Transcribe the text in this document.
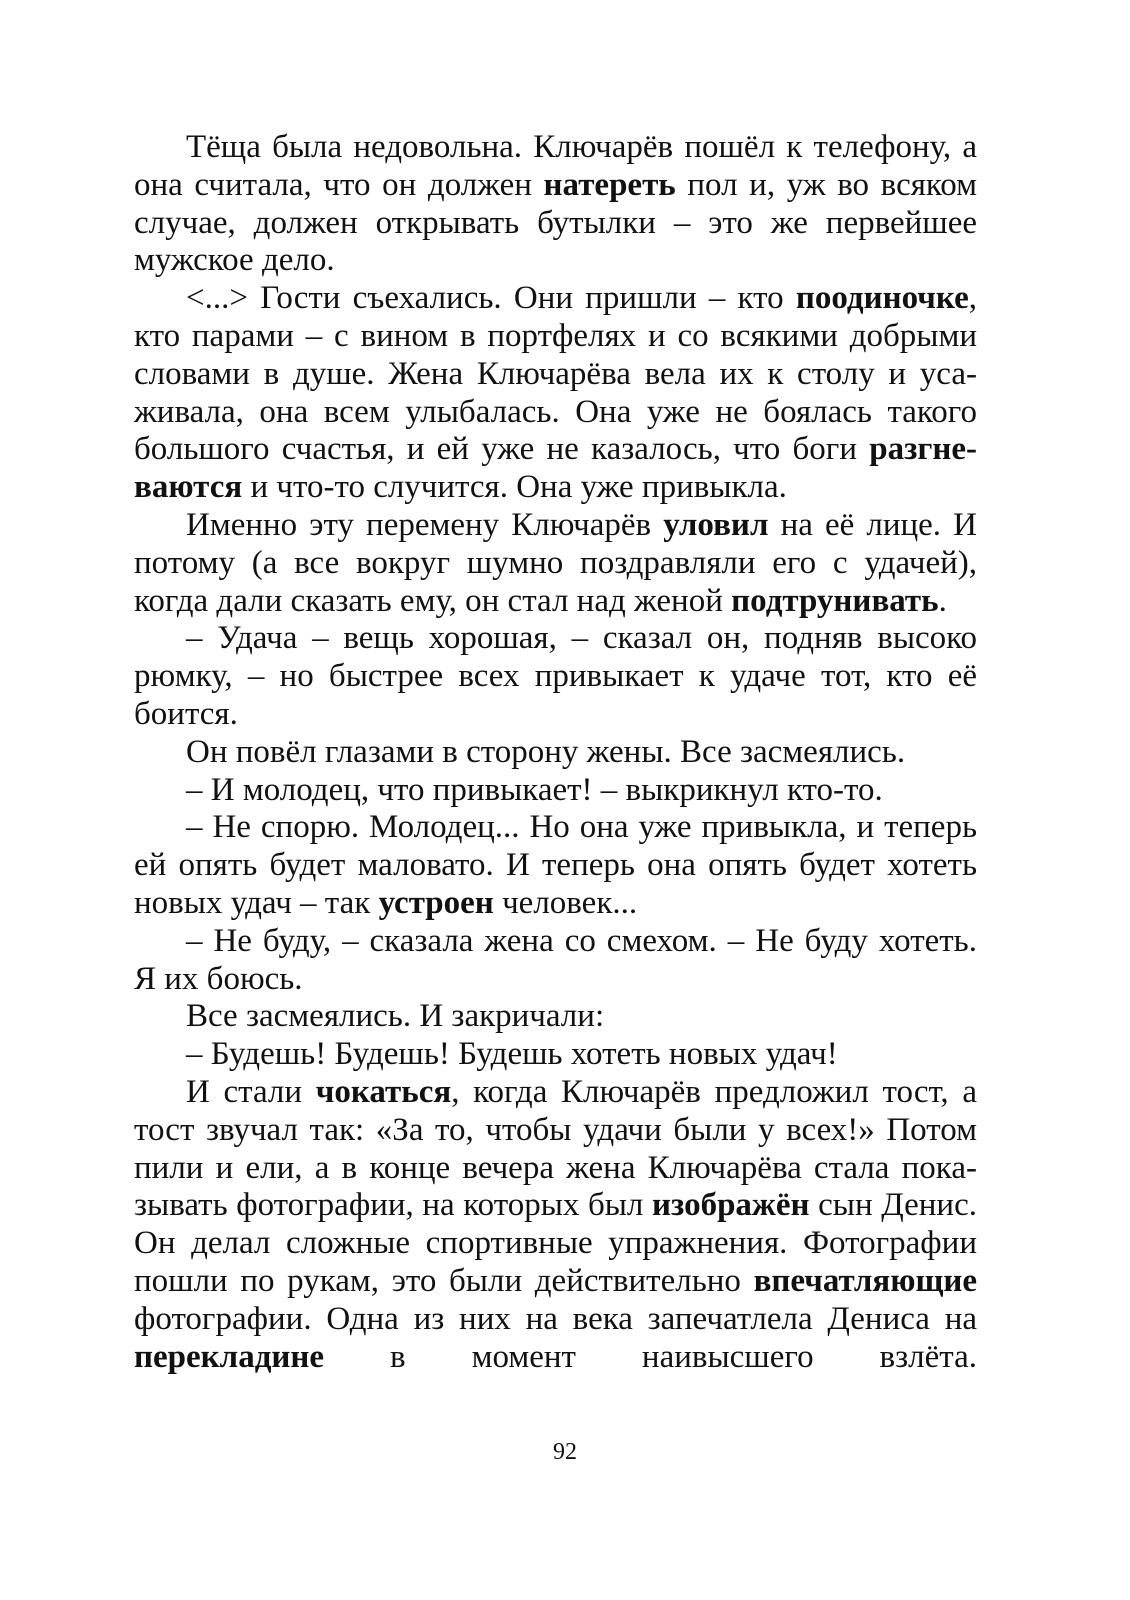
Тёща была недовольна. Ключарёв пошёл к телефону, а она считала, что он должен натереть пол и, уж во всяком случае, должен открывать бутылки – это же первейшее мужское дело.

<...> Гости съехались. Они пришли – кто поодиночке, кто парами – с вином в портфелях и со всякими добрыми словами в душе. Жена Ключарёва вела их к столу и усаживала, она всем улыбалась. Она уже не боялась такого большого счастья, и ей уже не казалось, что боги разгневаются и что-то случится. Она уже привыкла.

Именно эту перемену Ключарёв уловил на её лице. И потому (а все вокруг шумно поздравляли его с удачей), когда дали сказать ему, он стал над женой подтрунивать.

– Удача – вещь хорошая, – сказал он, подняв высоко рюмку, – но быстрее всех привыкает к удаче тот, кто её боится.

Он повёл глазами в сторону жены. Все засмеялись.

– И молодец, что привыкает! – выкрикнул кто-то.

– Не спорю. Молодец... Но она уже привыкла, и теперь ей опять будет маловато. И теперь она опять будет хотеть новых удач – так устроен человек...

– Не буду, – сказала жена со смехом. – Не буду хотеть. Я их боюсь.

Все засмеялись. И закричали:

– Будешь! Будешь! Будешь хотеть новых удач!

И стали чокаться, когда Ключарёв предложил тост, а тост звучал так: «За то, чтобы удачи были у всех!» Потом пили и ели, а в конце вечера жена Ключарёва стала показывать фотографии, на которых был изображён сын Денис. Он делал сложные спортивные упражнения. Фотографии пошли по рукам, это были действительно впечатляющие фотографии. Одна из них на века запечатлела Дениса на перекладине в момент наивысшего взлёта.

92
